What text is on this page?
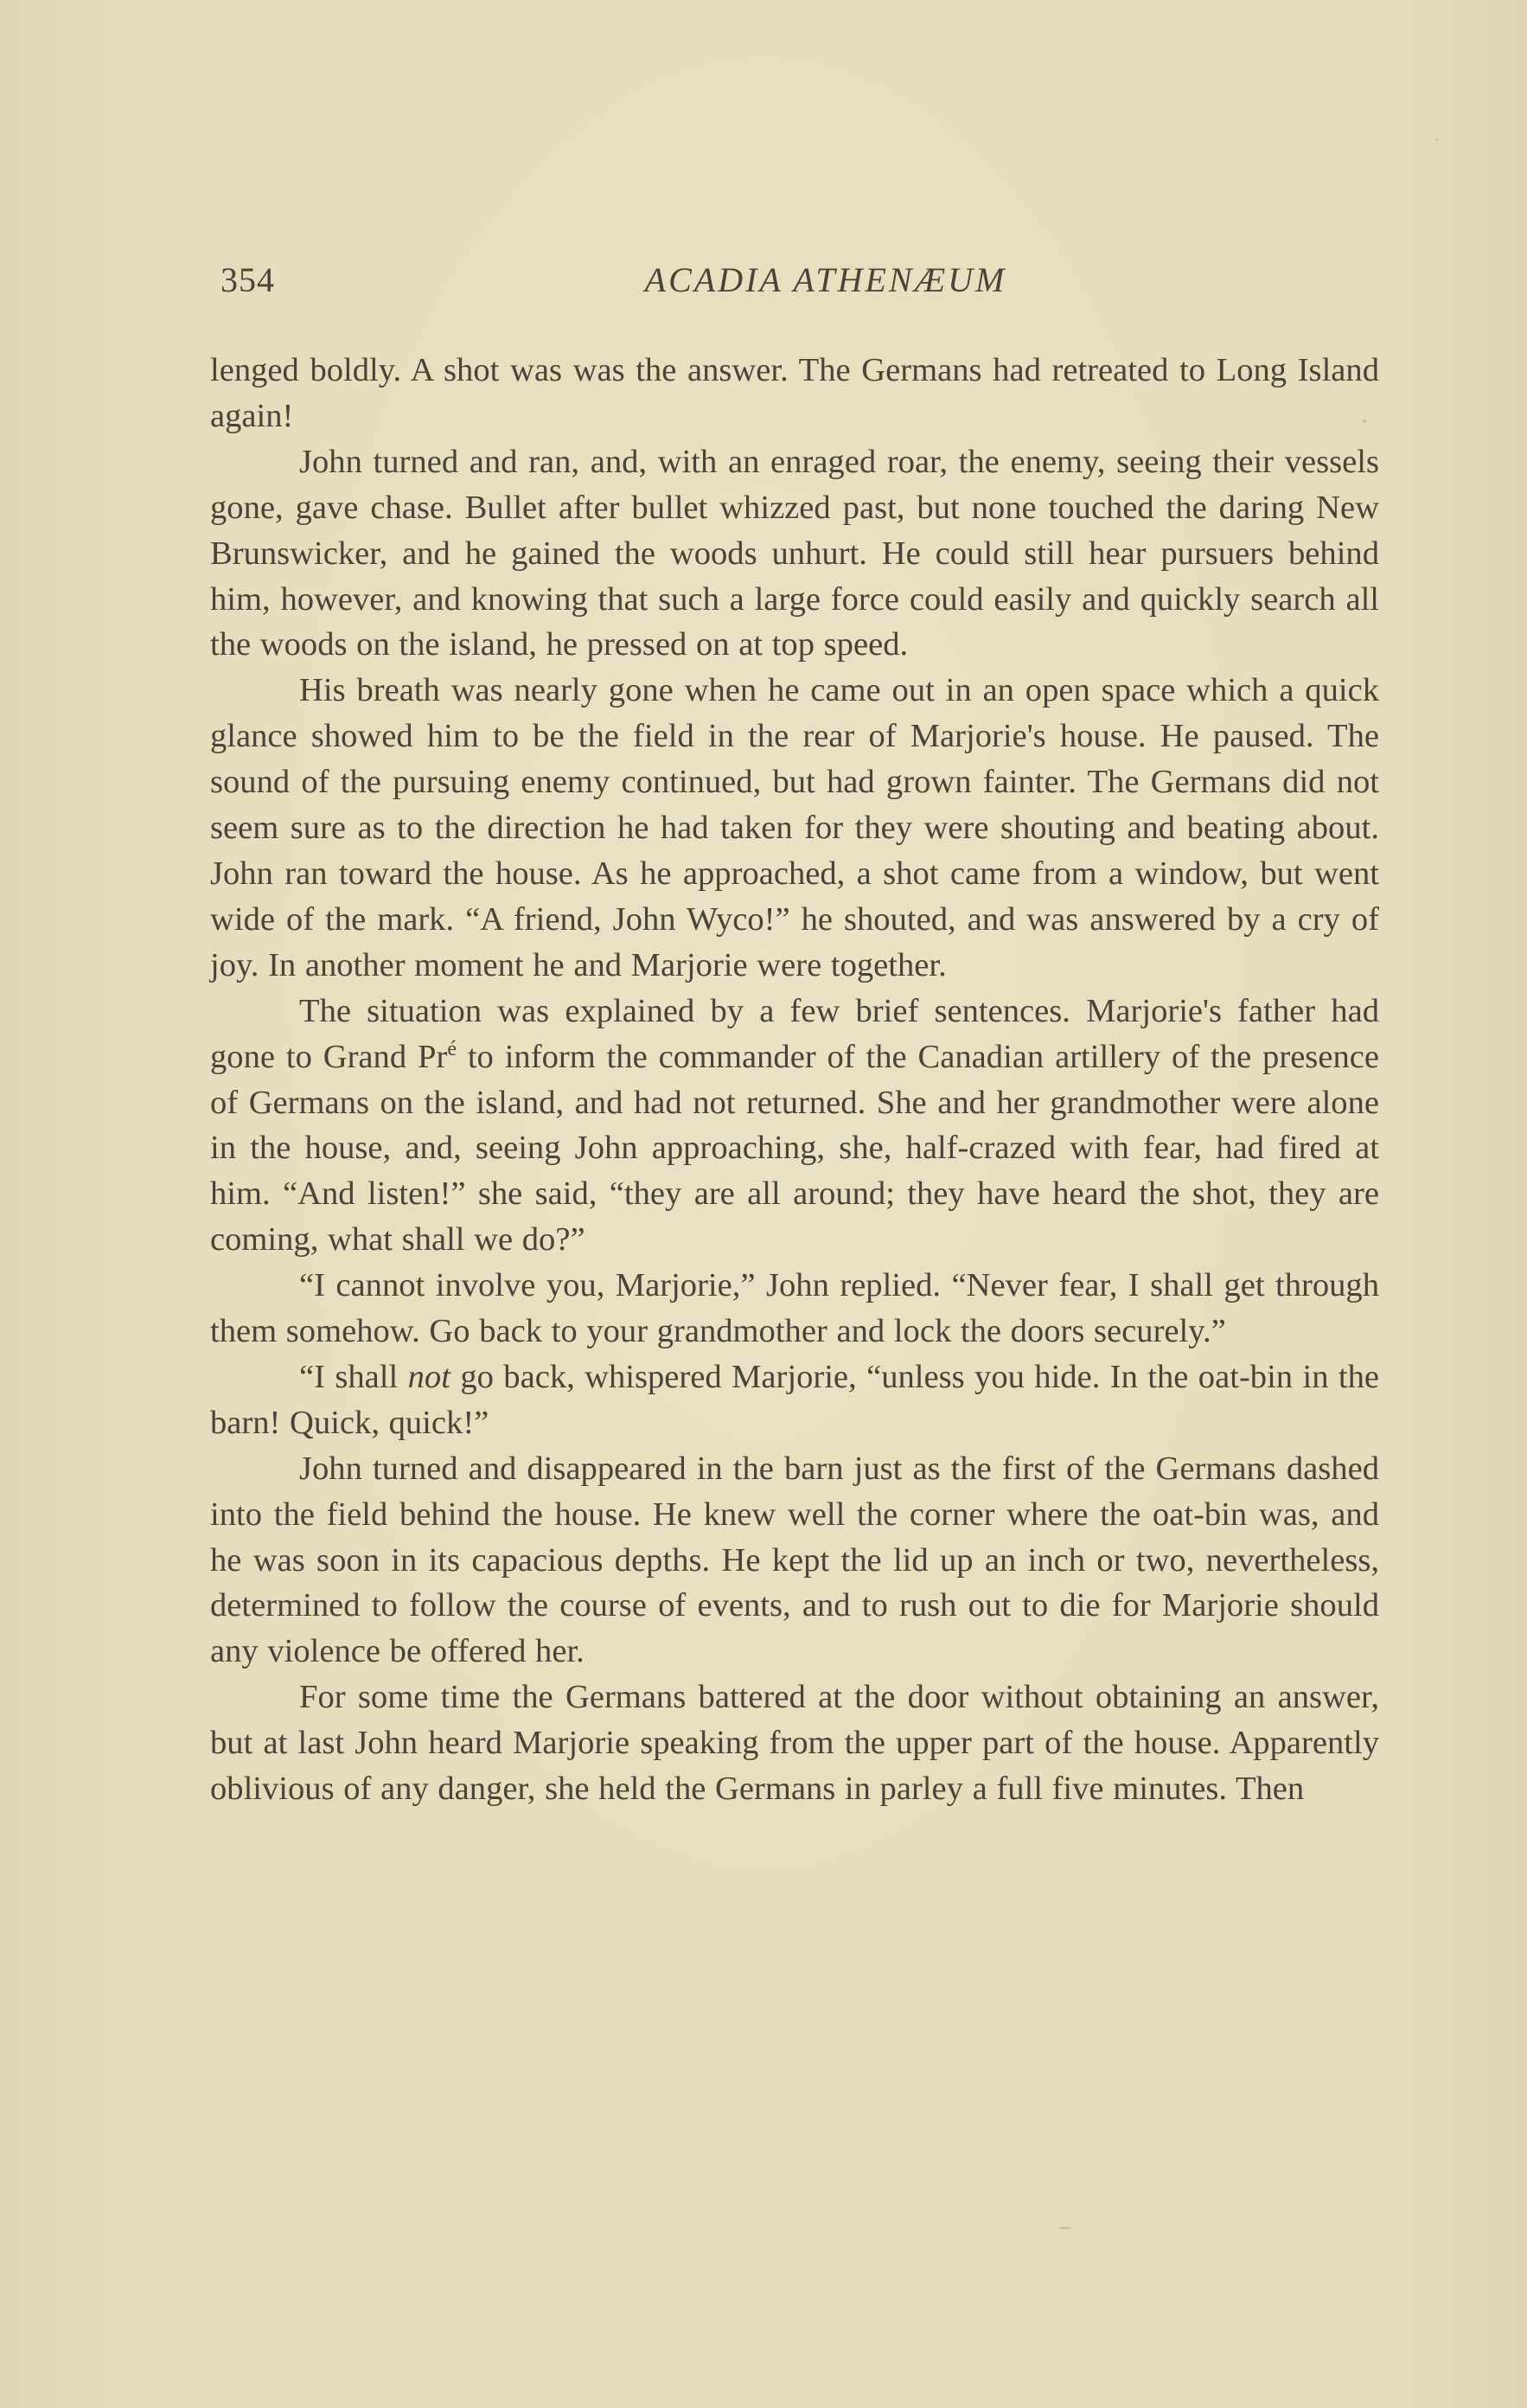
354	ACADIA ATHENÆUM

lenged boldly. A shot was was the answer. The Germans had retreated to Long Island again!

John turned and ran, and, with an enraged roar, the enemy, seeing their vessels gone, gave chase. Bullet after bullet whizzed past, but none touched the daring New Brunswicker, and he gained the woods unhurt. He could still hear pursuers behind him, however, and knowing that such a large force could easily and quickly search all the woods on the island, he pressed on at top speed.

His breath was nearly gone when he came out in an open space which a quick glance showed him to be the field in the rear of Marjorie's house. He paused. The sound of the pursuing enemy continued, but had grown fainter. The Germans did not seem sure as to the direction he had taken for they were shouting and beating about. John ran toward the house. As he approached, a shot came from a window, but went wide of the mark. “A friend, John Wyco!” he shouted, and was answered by a cry of joy. In another moment he and Marjorie were together.

The situation was explained by a few brief sentences. Marjorie's father had gone to Grand $Pr^é$ to inform the commander of the Canadian artillery of the presence of Germans on the island, and had not returned. She and her grandmother were alone in the house, and, seeing John approaching, she, half-crazed with fear, had fired at him. “And listen!” she said, “they are all around; they have heard the shot, they are coming, what shall we do?”

“I cannot involve you, Marjorie,” John replied. “Never fear, I shall get through them somehow. Go back to your grandmother and lock the doors securely.”

“I shall not go back, whispered Marjorie, “unless you hide. In the oat-bin in the barn! Quick, quick!”

John turned and disappeared in the barn just as the first of the Germans dashed into the field behind the house. He knew well the corner where the oat-bin was, and he was soon in its capacious depths. He kept the lid up an inch or two, nevertheless, determined to follow the course of events, and to rush out to die for Marjorie should any violence be offered her.

For some time the Germans battered at the door without obtaining an answer, but at last John heard Marjorie speaking from the upper part of the house. Apparently oblivious of any danger, she held the Germans in parley a full five minutes. Then
